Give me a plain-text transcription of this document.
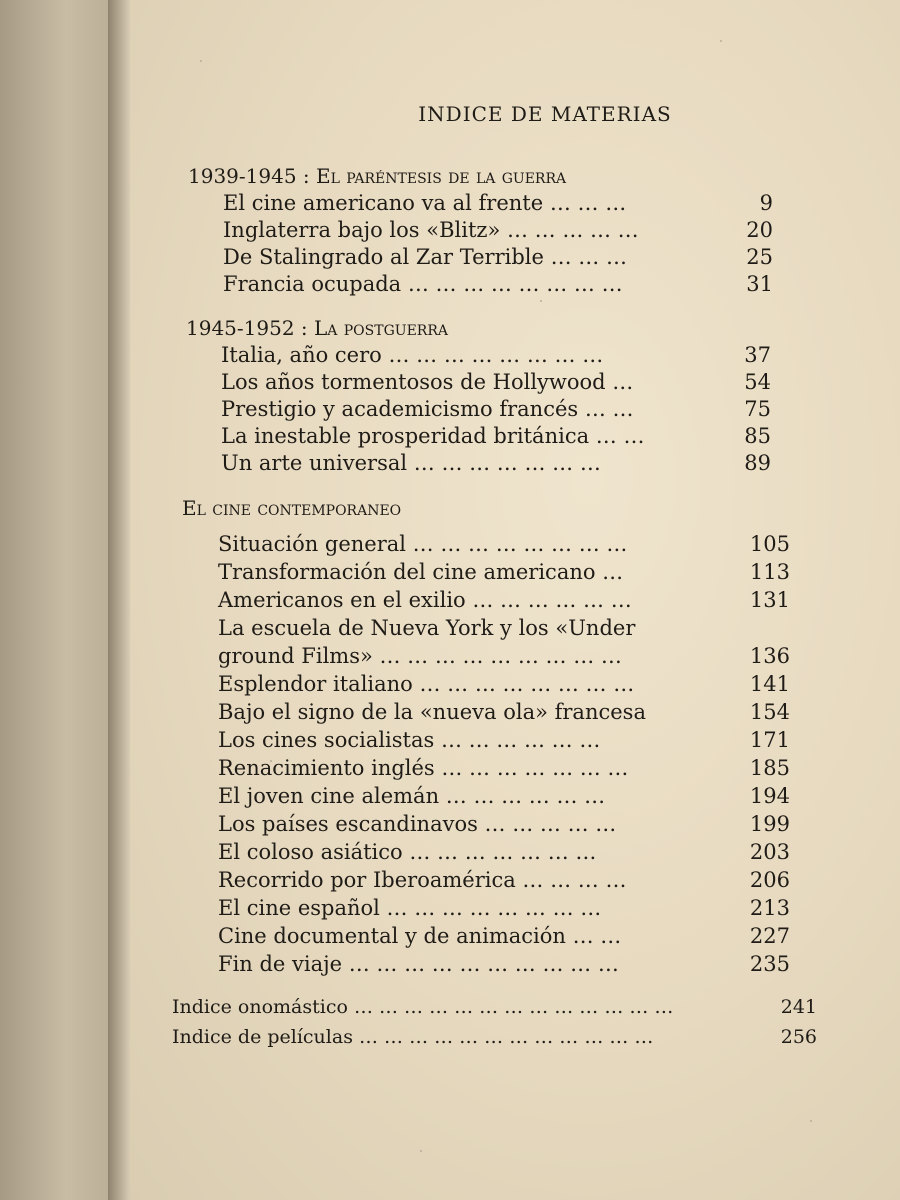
INDICE DE MATERIAS
1939-1945 : El paréntesis de la guerra
El cine americano va al frente … … …	9
Inglaterra bajo los «Blitz» … … … … …	20
De Stalingrado al Zar Terrible … … …	25
Francia ocupada … … … … … … … …	31
1945-1952 : La postguerra
Italia, año cero … … … … … … … …	37
Los años tormentosos de Hollywood …	54
Prestigio y academicismo francés … …	75
La inestable prosperidad británica … …	85
Un arte universal … … … … … … …	89
El cine contemporaneo
Situación general … … … … … … … …	105
Transformación del cine americano …	113
Americanos en el exilio … … … … … …	131
La escuela de Nueva York y los «Under
ground Films» … … … … … … … … …	136
Esplendor italiano … … … … … … … …	141
Bajo el signo de la «nueva ola» francesa	154
Los cines socialistas … … … … … …	171
Renacimiento inglés … … … … … … …	185
El joven cine alemán … … … … … …	194
Los países escandinavos … … … … …	199
El coloso asiático … … … … … … …	203
Recorrido por Iberoamérica … … … …	206
El cine español … … … … … … … …	213
Cine documental y de animación … …	227
Fin de viaje … … … … … … … … … …	235
Indice onomástico … … … … … … … … … … … … …	241
Indice de películas … … … … … … … … … … … …	256
